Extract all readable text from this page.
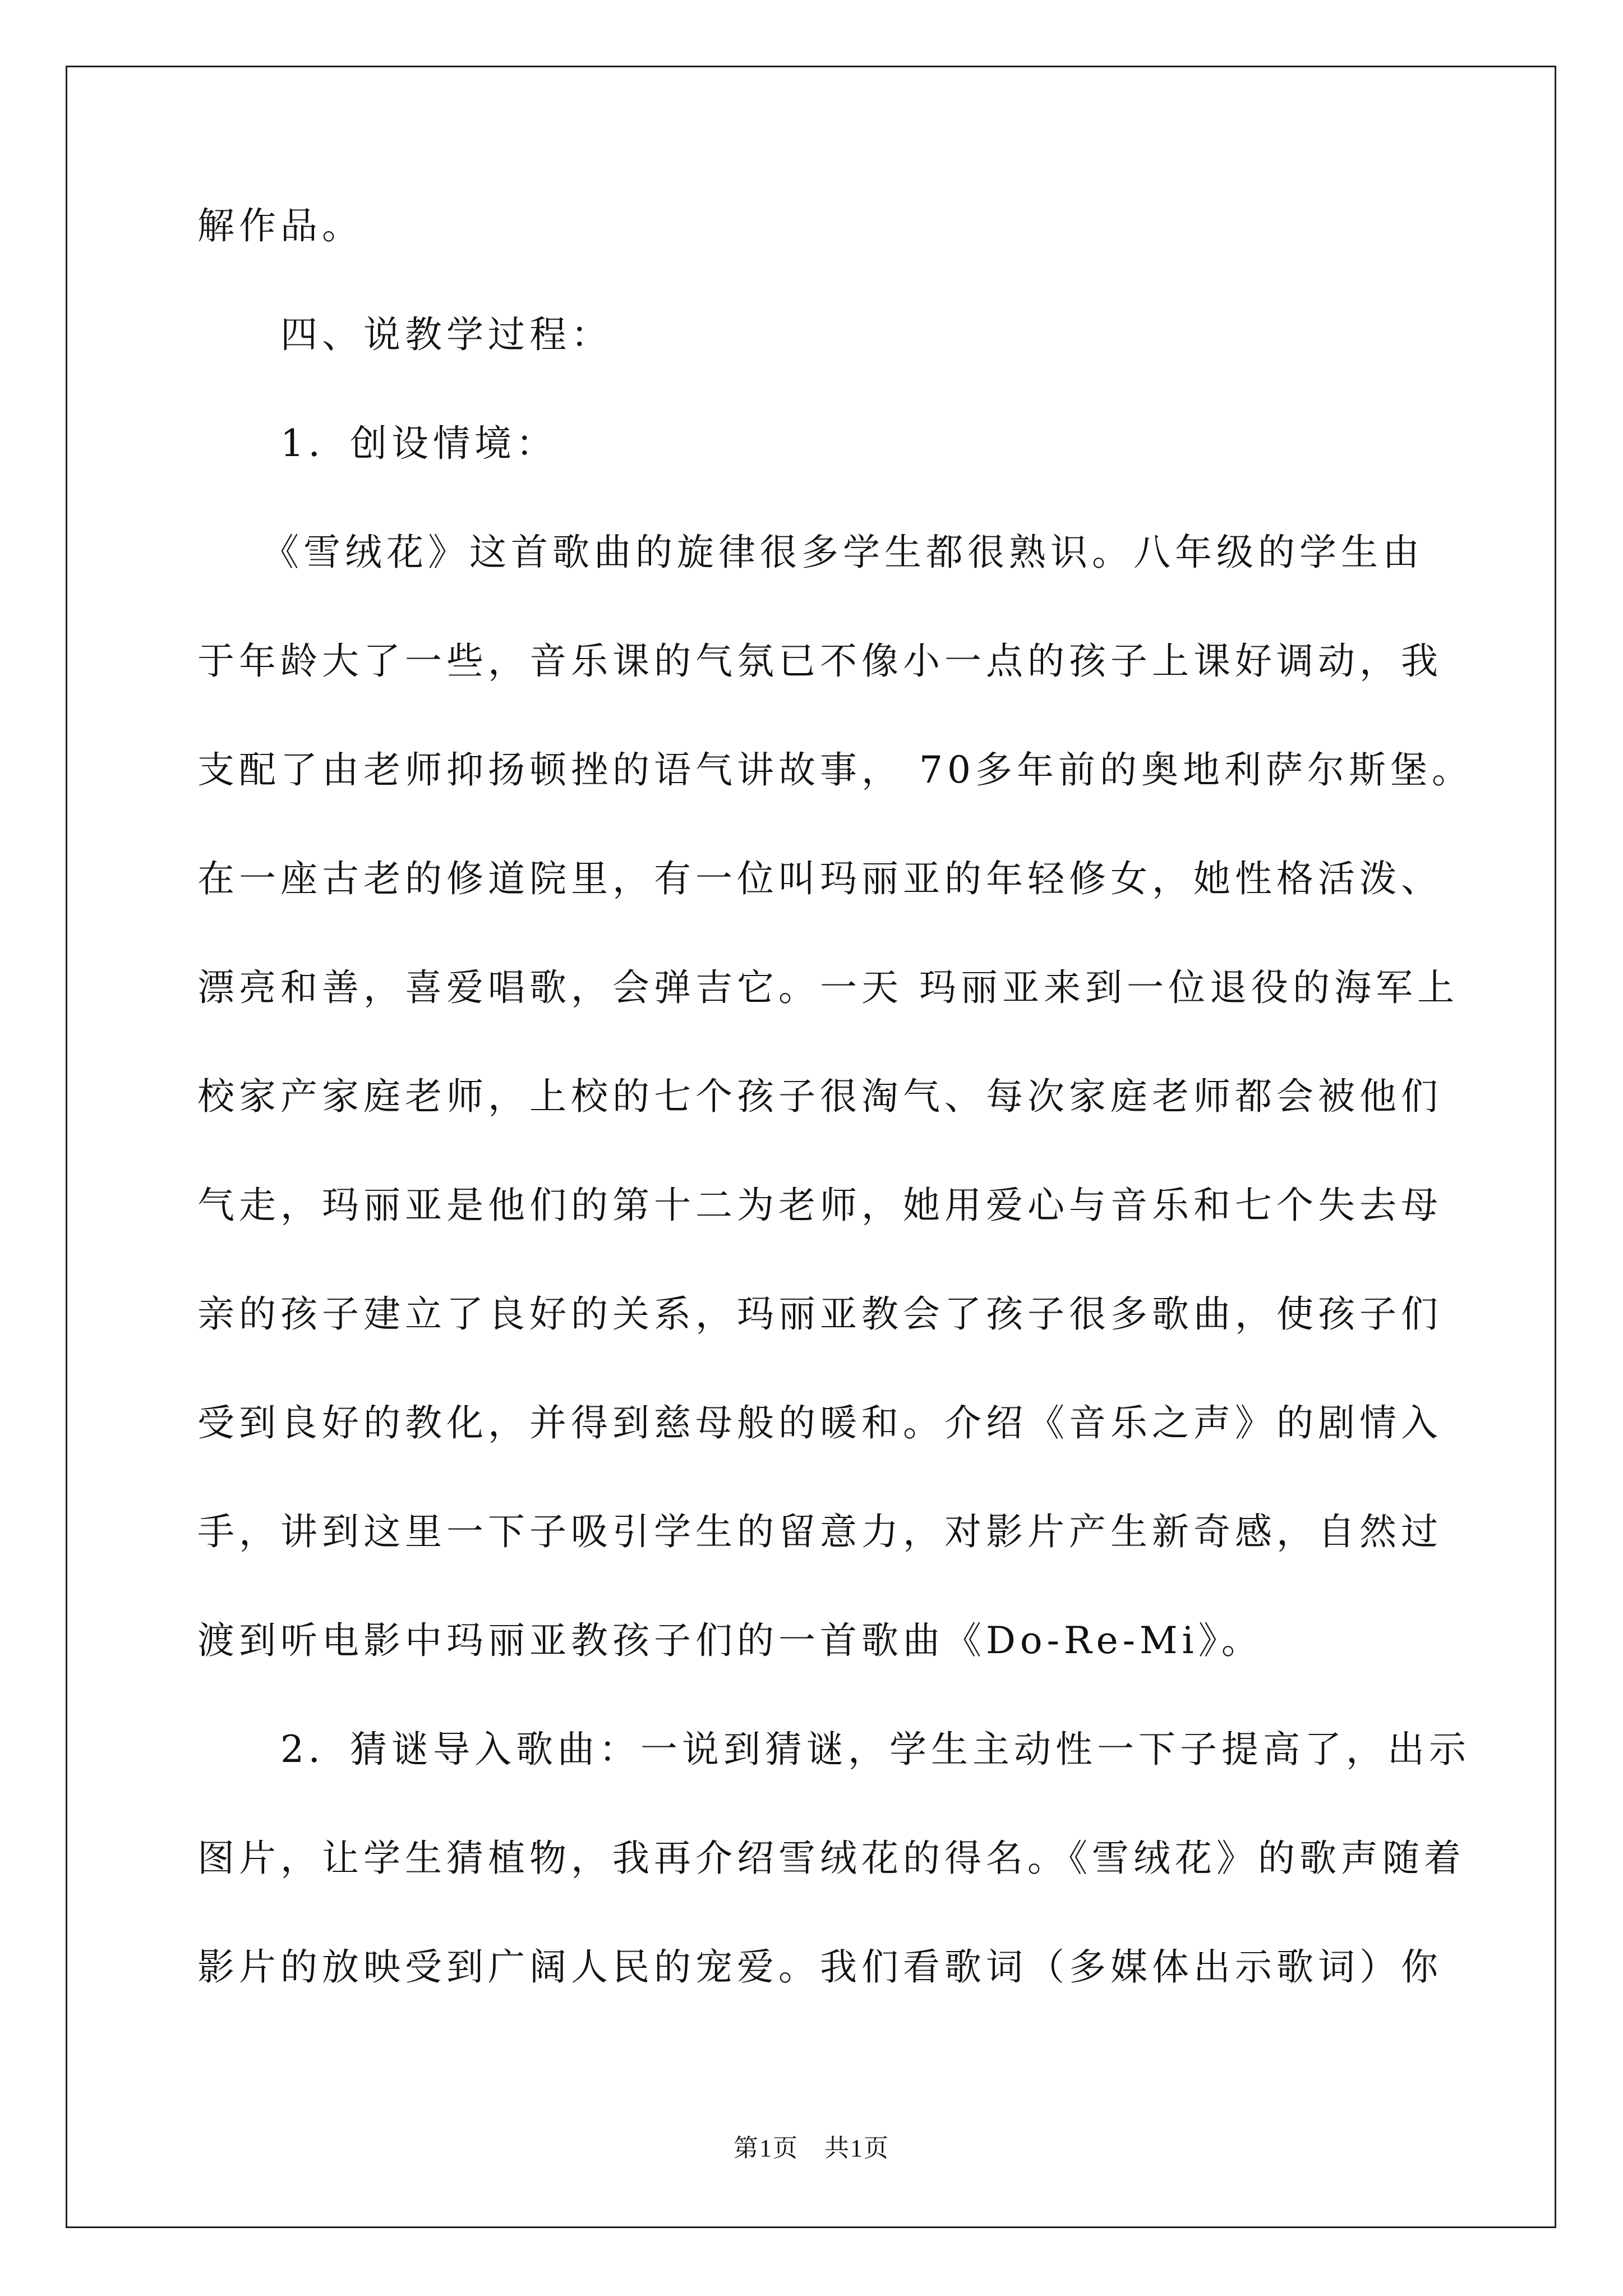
解作品。
　　四、说教学过程：
　　1．创设情境：
　　《雪绒花》这首歌曲的旋律很多学生都很熟识。八年级的学生由
于年龄大了一些，音乐课的气氛已不像小一点的孩子上课好调动，我
支配了由老师抑扬顿挫的语气讲故事， 70多年前的奥地利萨尔斯堡。
在一座古老的修道院里，有一位叫玛丽亚的年轻修女，她性格活泼、
漂亮和善，喜爱唱歌，会弹吉它。一天 玛丽亚来到一位退役的海军上
校家产家庭老师，上校的七个孩子很淘气、每次家庭老师都会被他们
气走，玛丽亚是他们的第十二为老师，她用爱心与音乐和七个失去母
亲的孩子建立了良好的关系，玛丽亚教会了孩子很多歌曲，使孩子们
受到良好的教化，并得到慈母般的暖和。介绍《音乐之声》的剧情入
手，讲到这里一下子吸引学生的留意力，对影片产生新奇感，自然过
渡到听电影中玛丽亚教孩子们的一首歌曲《Do-Re-Mi》。
　　2．猜谜导入歌曲：一说到猜谜，学生主动性一下子提高了，出示
图片，让学生猜植物，我再介绍雪绒花的得名。《雪绒花》的歌声随着
影片的放映受到广阔人民的宠爱。我们看歌词（多媒体出示歌词）你
第1页　共1页
